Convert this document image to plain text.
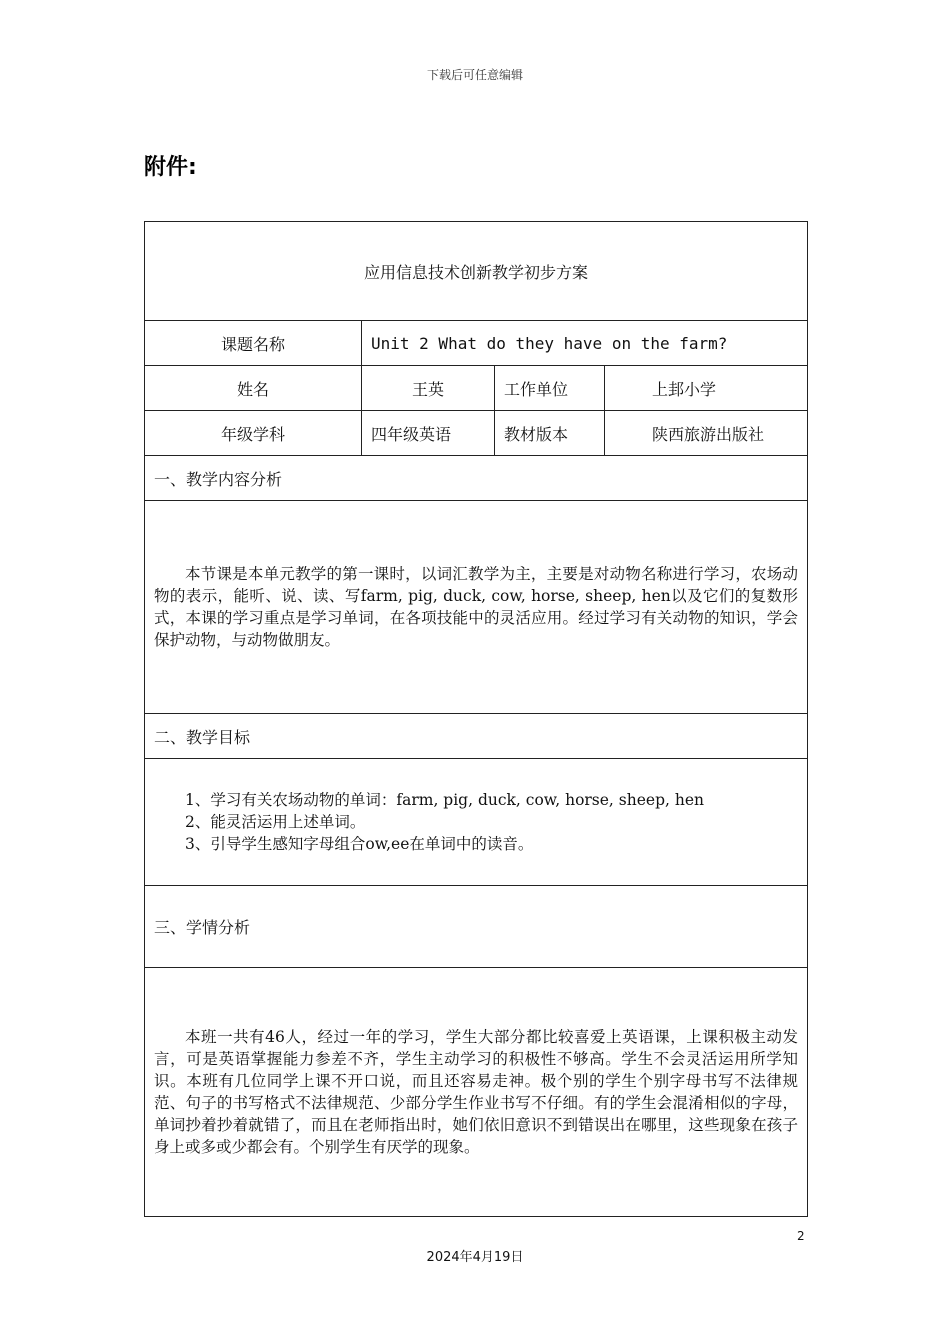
下载后可任意编辑
附件:
应用信息技术创新教学初步方案			
课题名称	Unit 2 What do they have on the farm?		
姓名	王英	工作单位	上邽小学
年级学科	四年级英语	教材版本	陕西旅游出版社
一、教学内容分析			

本节课是本单元教学的第一课时，以词汇教学为主，主要是对动物名称进行学习，农场动物的表示，能听、说、读、写farm, pig, duck, cow, horse, sheep, hen以及它们的复数形式，本课的学习重点是学习单词，在各项技能中的灵活应用。经过学习有关动物的知识，学会保护动物，与动物做朋友。			

二、教学目标			

1、学习有关农场动物的单词：farm, pig, duck, cow, horse, sheep, hen
2、能灵活运用上述单词。
3、引导学生感知字母组合ow,ee在单词中的读音。			

三、学情分析			

本班一共有46人，经过一年的学习，学生大部分都比较喜爱上英语课，上课积极主动发言，可是英语掌握能力参差不齐，学生主动学习的积极性不够高。学生不会灵活运用所学知识。本班有几位同学上课不开口说，而且还容易走神。极个别的学生个别字母书写不法律规范、句子的书写格式不法律规范、少部分学生作业书写不仔细。有的学生会混淆相似的字母，单词抄着抄着就错了，而且在老师指出时，她们依旧意识不到错误出在哪里，这些现象在孩子身上或多或少都会有。个别学生有厌学的现象。			
2
2024年4月19日
